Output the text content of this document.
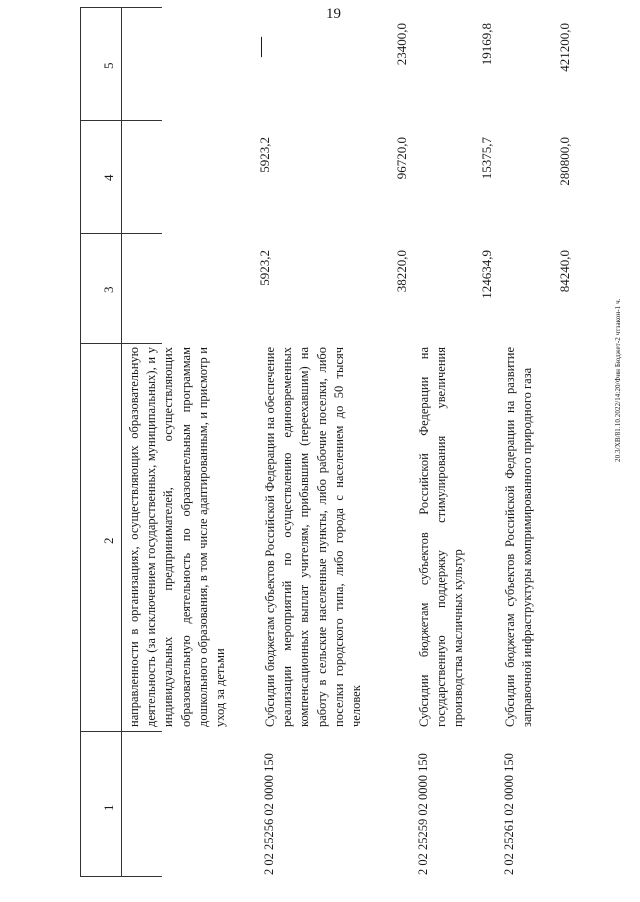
19
1
2
3
4
5
направленности в организациях, осуществляющих образовательную деятельность (за исключением государственных, муниципальных), и у индивидуальных предпринимателей, осуществляющих образовательную деятельность по образовательным программам дошкольного образования, в том числе адаптированным, и присмотр и уход за детьми
5923,2
5923,2
—
2 02 25256 02 0000 150
Субсидии бюджетам субъектов Российской Федерации на обеспечение реализации мероприятий по осуществлению единовременных компенсационных выплат учителям, прибывшим (переехавшим) на работу в сельские населенные пункты, либо рабочие поселки, либо поселки городского типа, либо города с населением до 50 тысяч человек
38220,0
96720,0
23400,0
2 02 25259 02 0000 150
Субсидии бюджетам субъектов Российской Федерации на государственную поддержку стимулирования увеличения производства масличных культур
124634,9
15375,7
19169,8
2 02 25261 02 0000 150
Субсидии бюджетам субъектов Российской Федерации на развитие заправочной инфраструктуры компримированного природного газа
84240,0
280800,0
421200,0
20.3/ХВ/81.10.2022/14:20/Фин Бюджет-2 чтзакон-1 ч.
